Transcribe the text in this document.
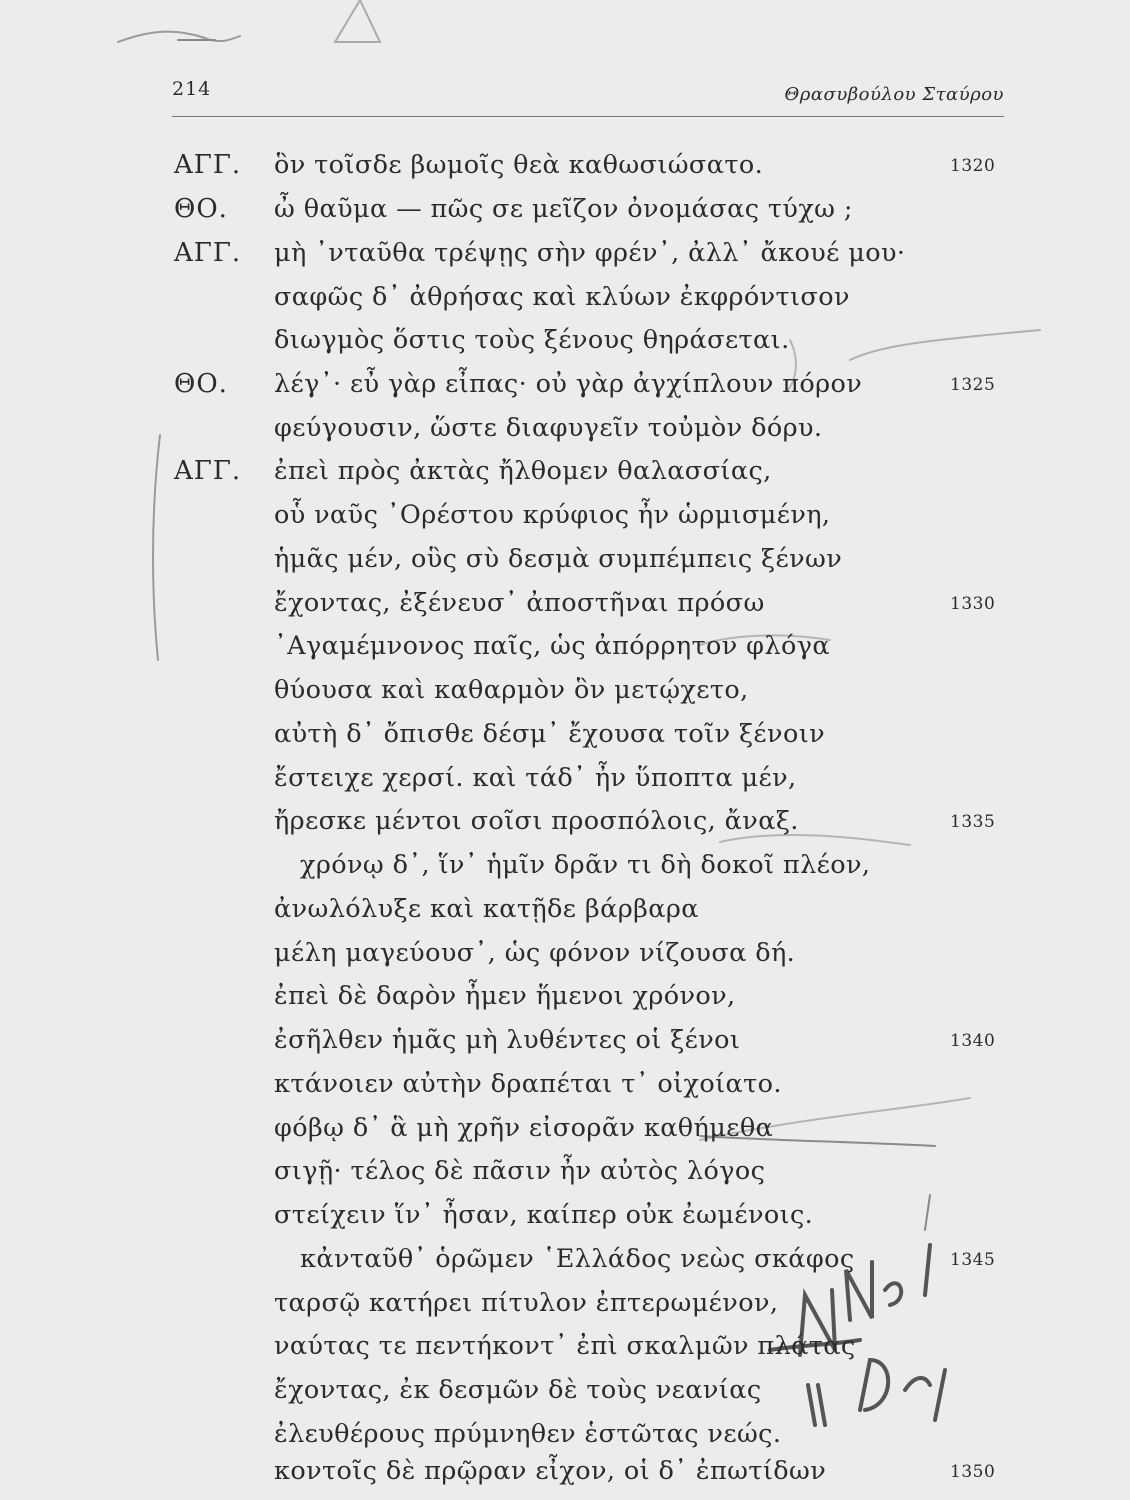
214	Θρασυβούλου Σταύρου
ΑΓΓ. ὃν τοῖσδε βωμοῖς θεὰ καθωσιώσατο.	1320
ΘΟ. ὦ θαῦμα — πῶς σε μεῖζον ὀνομάσας τύχω ;
ΑΓΓ. μὴ ᾽νταῦθα τρέψῃς σὴν φρέν᾽, ἀλλ᾽ ἄκουέ μου·
σαφῶς δ᾽ ἀθρήσας καὶ κλύων ἐκφρόντισον
διωγμὸς ὅστις τοὺς ξένους θηράσεται.
ΘΟ. λέγ᾽· εὖ γὰρ εἶπας· οὐ γὰρ ἀγχίπλουν πόρον	1325
φεύγουσιν, ὥστε διαφυγεῖν τοὐμὸν δόρυ.
ΑΓΓ. ἐπεὶ πρὸς ἀκτὰς ἤλθομεν θαλασσίας,
οὗ ναῦς ᾽Ορέστου κρύφιος ἦν ὡρμισμένη,
ἡμᾶς μέν, οὓς σὺ δεσμὰ συμπέμπεις ξένων
ἔχοντας, ἐξένευσ᾽ ἀποστῆναι πρόσω	1330
᾽Αγαμέμνονος παῖς, ὡς ἀπόρρητον φλόγα
θύουσα καὶ καθαρμὸν ὃν μετῴχετο,
αὐτὴ δ᾽ ὄπισθε δέσμ᾽ ἔχουσα τοῖν ξένοιν
ἔστειχε χερσί. καὶ τάδ᾽ ἦν ὕποπτα μέν,
ἤρεσκε μέντοι σοῖσι προσπόλοις, ἄναξ.	1335
χρόνῳ δ᾽, ἵν᾽ ἡμῖν δρᾶν τι δὴ δοκοῖ πλέον,
ἀνωλόλυξε καὶ κατῇδε βάρβαρα
μέλη μαγεύουσ᾽, ὡς φόνον νίζουσα δή.
ἐπεὶ δὲ δαρὸν ἦμεν ἥμενοι χρόνον,
ἐσῆλθεν ἡμᾶς μὴ λυθέντες οἱ ξένοι	1340
κτάνοιεν αὐτὴν δραπέται τ᾽ οἰχοίατο.
φόβῳ δ᾽ ἃ μὴ χρῆν εἰσορᾶν καθήμεθα
σιγῇ· τέλος δὲ πᾶσιν ἦν αὐτὸς λόγος
στείχειν ἵν᾽ ἦσαν, καίπερ οὐκ ἐωμένοις.
κἀνταῦθ᾽ ὁρῶμεν ῾Ελλάδος νεὼς σκάφος	1345
ταρσῷ κατήρει πίτυλον ἐπτερωμένον,
ναύτας τε πεντήκοντ᾽ ἐπὶ σκαλμῶν πλάτας
ἔχοντας, ἐκ δεσμῶν δὲ τοὺς νεανίας
ἐλευθέρους πρύμνηθεν ἑστῶτας νεώς.
κοντοῖς δὲ πρῷραν εἶχον, οἱ δ᾽ ἐπωτίδων	1350
